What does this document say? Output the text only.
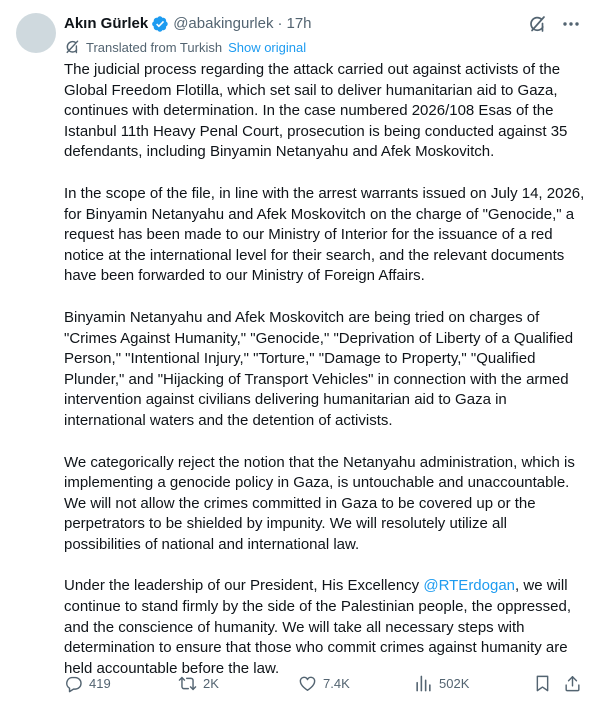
Akın Gürlek @abakingurlek · 17h
Translated from Turkish Show original

The judicial process regarding the attack carried out against activists of the Global Freedom Flotilla, which set sail to deliver humanitarian aid to Gaza, continues with determination. In the case numbered 2026/108 Esas of the Istanbul 11th Heavy Penal Court, prosecution is being conducted against 35 defendants, including Binyamin Netanyahu and Afek Moskovitch.

In the scope of the file, in line with the arrest warrants issued on July 14, 2026, for Binyamin Netanyahu and Afek Moskovitch on the charge of "Genocide," a request has been made to our Ministry of Interior for the issuance of a red notice at the international level for their search, and the relevant documents have been forwarded to our Ministry of Foreign Affairs.

Binyamin Netanyahu and Afek Moskovitch are being tried on charges of "Crimes Against Humanity," "Genocide," "Deprivation of Liberty of a Qualified Person," "Intentional Injury," "Torture," "Damage to Property," "Qualified Plunder," and "Hijacking of Transport Vehicles" in connection with the armed intervention against civilians delivering humanitarian aid to Gaza in international waters and the detention of activists.

We categorically reject the notion that the Netanyahu administration, which is implementing a genocide policy in Gaza, is untouchable and unaccountable. We will not allow the crimes committed in Gaza to be covered up or the perpetrators to be shielded by impunity. We will resolutely utilize all possibilities of national and international law.

Under the leadership of our President, His Excellency @RTErdogan, we will continue to stand firmly by the side of the Palestinian people, the oppressed, and the conscience of humanity. We will take all necessary steps with determination to ensure that those who commit crimes against humanity are held accountable before the law.

419	2K	7.4K	502K
